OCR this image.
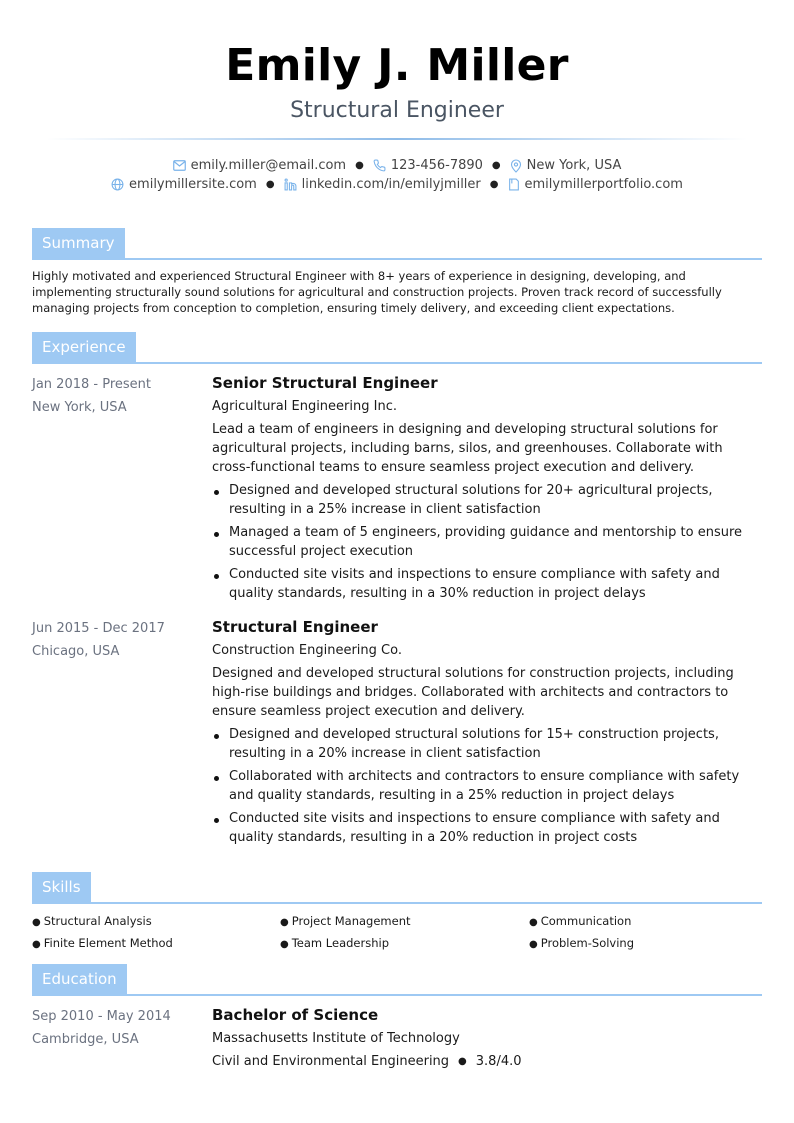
Emily J. Miller
Structural Engineer
emily.miller@email.com ● 123-456-7890 ● New York, USA
emilymillersite.com ● linkedin.com/in/emilyjmiller ● emilymillerportfolio.com
Summary
Highly motivated and experienced Structural Engineer with 8+ years of experience in designing, developing, and implementing structurally sound solutions for agricultural and construction projects. Proven track record of successfully managing projects from conception to completion, ensuring timely delivery, and exceeding client expectations.
Experience
Jan 2018 - Present
New York, USA
Senior Structural Engineer
Agricultural Engineering Inc.
Lead a team of engineers in designing and developing structural solutions for agricultural projects, including barns, silos, and greenhouses. Collaborate with cross-functional teams to ensure seamless project execution and delivery.
Designed and developed structural solutions for 20+ agricultural projects, resulting in a 25% increase in client satisfaction
Managed a team of 5 engineers, providing guidance and mentorship to ensure successful project execution
Conducted site visits and inspections to ensure compliance with safety and quality standards, resulting in a 30% reduction in project delays
Jun 2015 - Dec 2017
Chicago, USA
Structural Engineer
Construction Engineering Co.
Designed and developed structural solutions for construction projects, including high-rise buildings and bridges. Collaborated with architects and contractors to ensure seamless project execution and delivery.
Designed and developed structural solutions for 15+ construction projects, resulting in a 20% increase in client satisfaction
Collaborated with architects and contractors to ensure compliance with safety and quality standards, resulting in a 25% reduction in project delays
Conducted site visits and inspections to ensure compliance with safety and quality standards, resulting in a 20% reduction in project costs
Skills
● Structural Analysis	● Project Management	● Communication
● Finite Element Method	● Team Leadership	● Problem-Solving
Education
Sep 2010 - May 2014
Cambridge, USA
Bachelor of Science
Massachusetts Institute of Technology
Civil and Environmental Engineering ● 3.8/4.0
